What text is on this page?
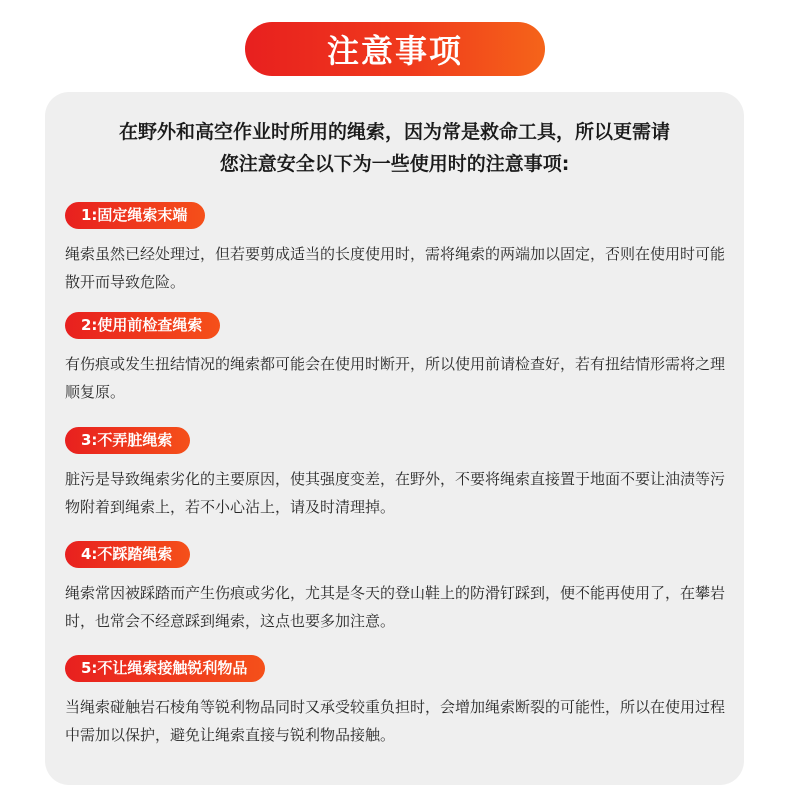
注意事项
在野外和高空作业时所用的绳索，因为常是救命工具，所以更需请
您注意安全以下为一些使用时的注意事项:
1:固定绳索末端
绳索虽然已经处理过，但若要剪成适当的长度使用时，需将绳索的两端加以固定，否则在使用时可能散开而导致危险。
2:使用前检查绳索
有伤痕或发生扭结情况的绳索都可能会在使用时断开，所以使用前请检查好，若有扭结情形需将之理顺复原。
3:不弄脏绳索
脏污是导致绳索劣化的主要原因，使其强度变差，在野外，不要将绳索直接置于地面不要让油渍等污物附着到绳索上，若不小心沾上，请及时清理掉。
4:不踩踏绳索
绳索常因被踩踏而产生伤痕或劣化，尤其是冬天的登山鞋上的防滑钉踩到，便不能再使用了，在攀岩时，也常会不经意踩到绳索，这点也要多加注意。
5:不让绳索接触锐利物品
当绳索碰触岩石棱角等锐利物品同时又承受较重负担时，会增加绳索断裂的可能性，所以在使用过程中需加以保护，避免让绳索直接与锐利物品接触。
